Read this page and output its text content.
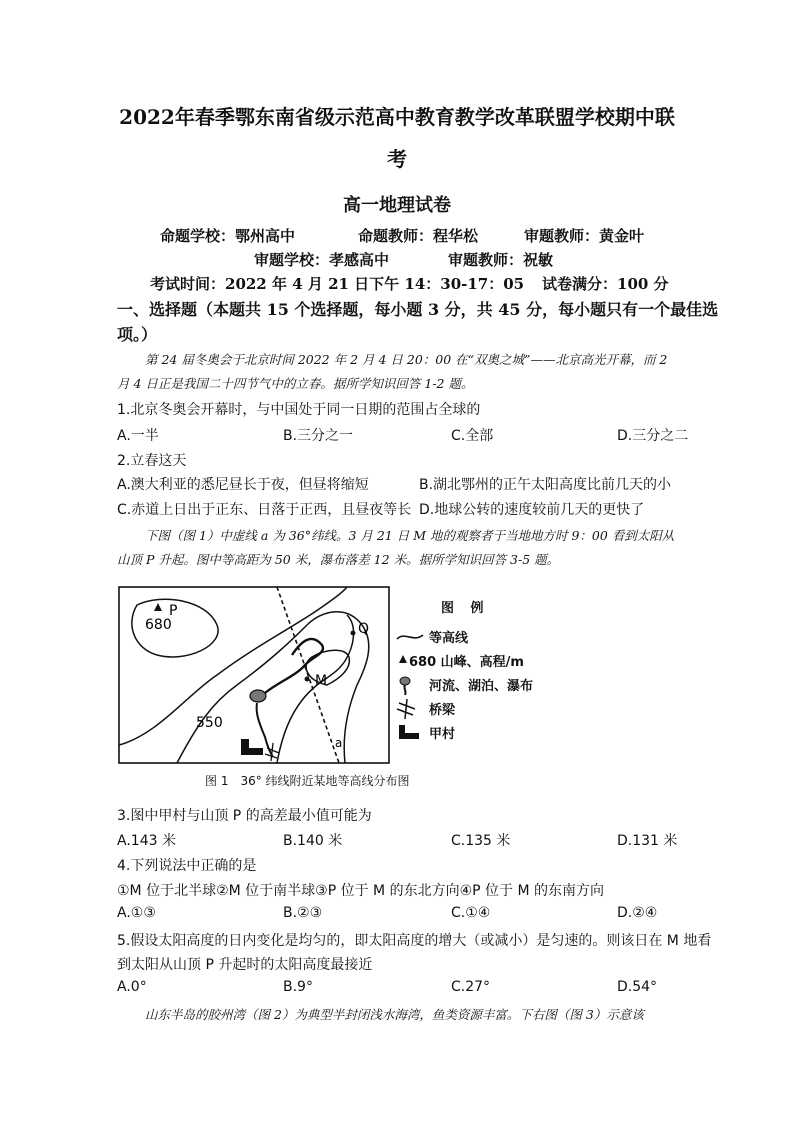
2022年春季鄂东南省级示范高中教育教学改革联盟学校期中联
考
高一地理试卷
命题学校：鄂州高中	命题教师：程华松	审题教师：黄金叶
审题学校：孝感高中	审题教师：祝敏
考试时间：2022 年 4 月 21 日下午 14：30-17：05 试卷满分：100 分
一、选择题（本题共 15 个选择题，每小题 3 分，共 45 分，每小题只有一个最佳选
项。）
第 24 届冬奥会于北京时间 2022 年 2 月 4 日 20：00 在“双奥之城”——北京高光开幕，而 2
月 4 日正是我国二十四节气中的立春。据所学知识回答 1-2 题。
1.北京冬奥会开幕时，与中国处于同一日期的范围占全球的
A.一半	B.三分之一	C.全部	D.三分之二
2.立春这天
A.澳大利亚的悉尼昼长于夜，但昼将缩短	B.湖北鄂州的正午太阳高度比前几天的小
C.赤道上日出于正东、日落于正西，且昼夜等长 D.地球公转的速度较前几天的更快了
下图（图 1）中虚线 a 为 36°纬线。3 月 21 日 M 地的观察者于当地地方时 9：00 看到太阳从
山顶 P 升起。图中等高距为 50 米，瀑布落差 12 米。据所学知识回答 3-5 题。
P
680	Q
M
550
a
图 例
等高线
680 山峰、高程/m
河流、湖泊、瀑布
桥梁
甲村
图 1　36° 纬线附近某地等高线分布图
3.图中甲村与山顶 P 的高差最小值可能为
A.143 米	B.140 米	C.135 米	D.131 米
4.下列说法中正确的是
①M 位于北半球②M 位于南半球③P 位于 M 的东北方向④P 位于 M 的东南方向
A.①③	B.②③	C.①④	D.②④
5.假设太阳高度的日内变化是均匀的，即太阳高度的增大（或减小）是匀速的。则该日在 M 地看
到太阳从山顶 P 升起时的太阳高度最接近
A.0°	B.9°	C.27°	D.54°
山东半岛的胶州湾（图 2）为典型半封闭浅水海湾，鱼类资源丰富。下右图（图 3）示意该
